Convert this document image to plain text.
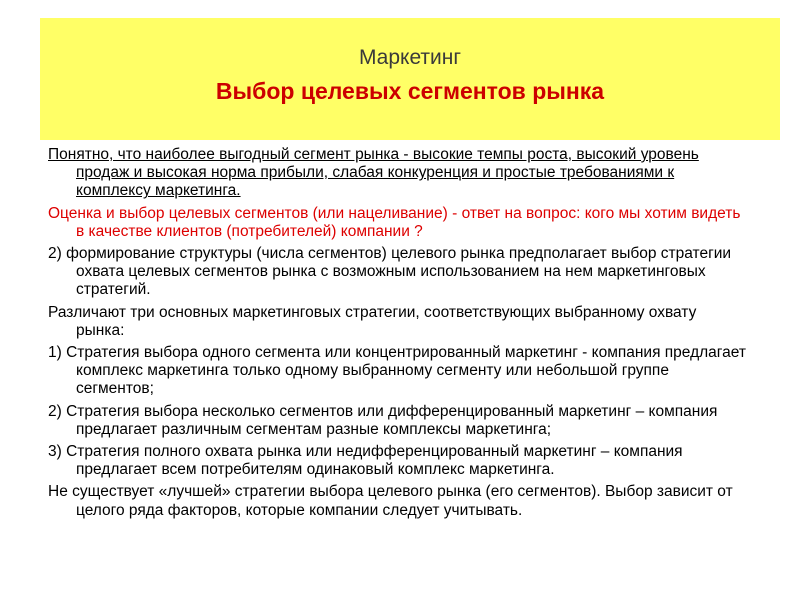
Маркетинг
Выбор целевых сегментов рынка

Понятно, что наиболее выгодный сегмент рынка - высокие темпы роста, высокий уровень продаж и высокая норма прибыли, слабая конкуренция и простые требованиями к комплексу маркетинга.

Оценка и выбор целевых сегментов (или нацеливание) - ответ на вопрос: кого мы хотим видеть в качестве клиентов (потребителей) компании ?

2) формирование структуры (числа сегментов) целевого рынка предполагает выбор стратегии охвата целевых сегментов рынка с возможным использованием на нем маркетинговых стратегий.

Различают три основных маркетинговых стратегии, соответствующих выбранному охвату рынка:

1) Стратегия выбора одного сегмента или концентрированный маркетинг - компания предлагает комплекс маркетинга только одному выбранному сегменту или небольшой группе сегментов;

2) Стратегия выбора несколько сегментов или дифференцированный маркетинг – компания предлагает различным сегментам разные комплексы маркетинга;

3) Стратегия полного охвата рынка или недифференцированный маркетинг – компания предлагает всем потребителям одинаковый комплекс маркетинга.

Не существует «лучшей» стратегии выбора целевого рынка (его сегментов). Выбор зависит от целого ряда факторов, которые компании следует учитывать.
